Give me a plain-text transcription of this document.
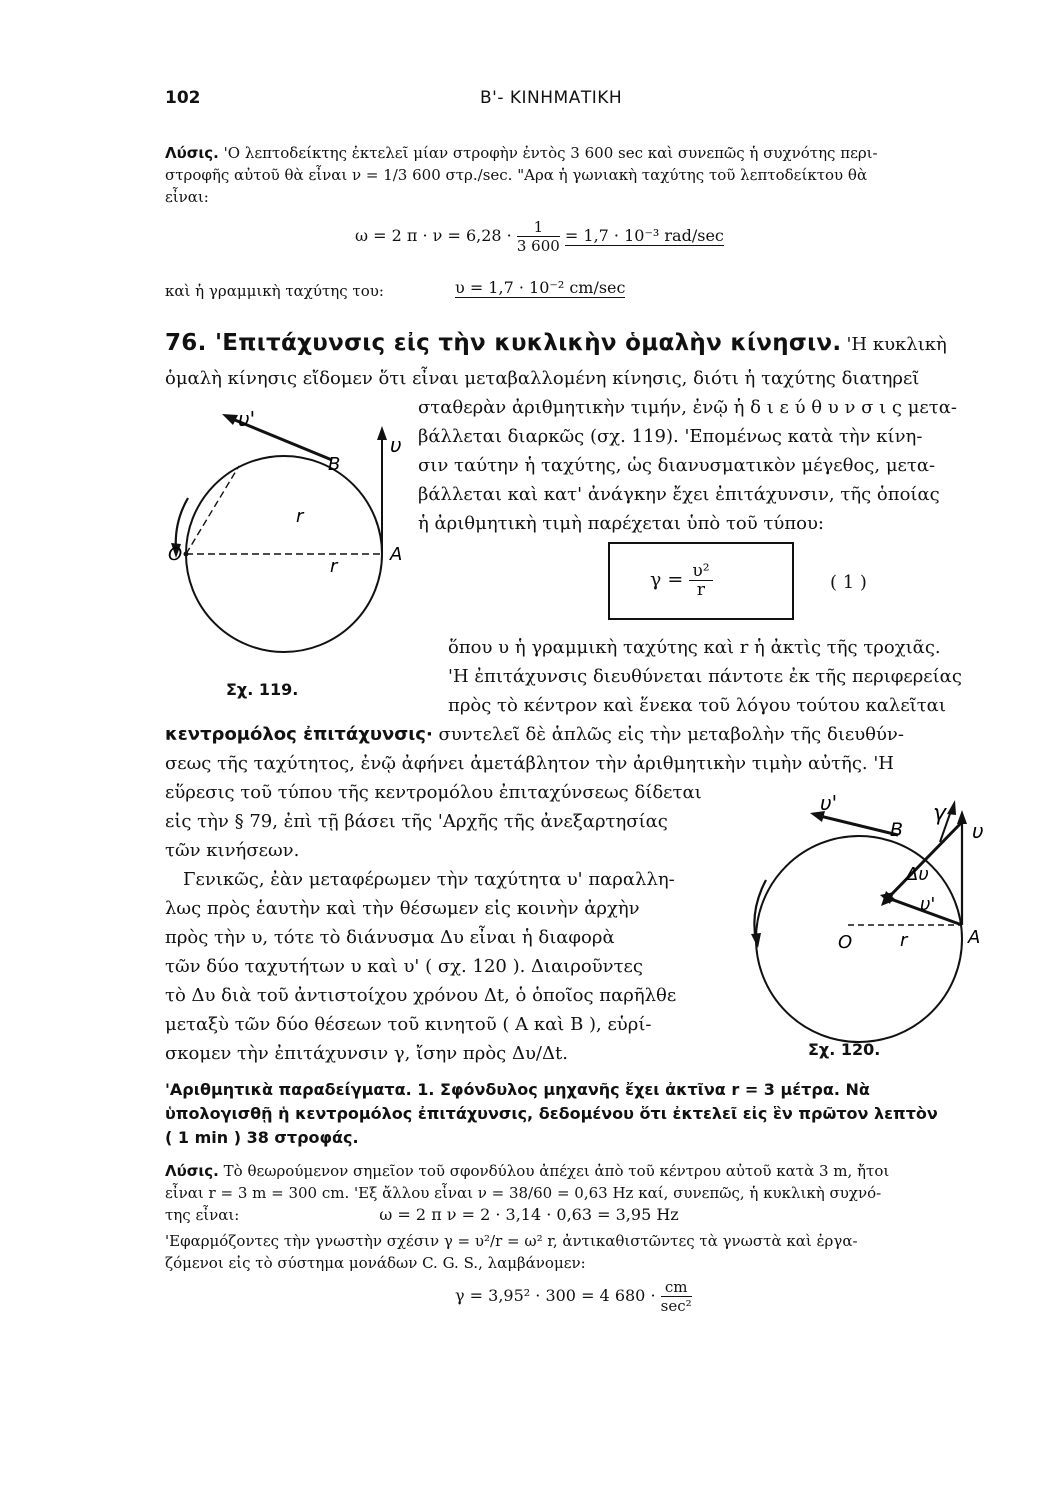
102	Β'- ΚΙΝΗΜΑΤΙΚΗ
Λύσις. 'Ο λεπτοδείκτης ἐκτελεῖ μίαν στροφὴν ἐντὸς 3 600 sec καὶ συνεπῶς ἡ συχνότης περι-
στροφῆς αὐτοῦ θὰ εἶναι ν = 1/3 600 στρ./sec. "Αρα ἡ γωνιακὴ ταχύτης τοῦ λεπτοδείκτου θὰ
εἶναι:
ω = 2 $\pi \cdot \nu = 6,28 \cdot \frac{1}{3 600} = 1,7 \cdot 10^{-3}$ rad/sec
καὶ ἡ γραμμικὴ ταχύτης του:	υ = 1,7 · 10⁻² cm/sec
76. 'Επιτάχυνσις εἰς τὴν κυκλικὴν ὁμαλὴν κίνησιν. 'Η κυκλικὴ
ὁμαλὴ κίνησις εἴδομεν ὅτι εἶναι μεταβαλλομένη κίνησις, διότι ἡ ταχύτης διατηρεῖ
σταθερὰν ἀριθμητικὴν τιμήν, ἐνῷ ἡ δ ι ε ύ θ υ ν σ ι ς μετα-
βάλλεται διαρκῶς (σχ. 119). 'Επομένως κατὰ τὴν κίνη-
σιν ταύτην ἡ ταχύτης, ὡς διανυσματικὸν μέγεθος, μετα-
βάλλεται καὶ κατ' ἀνάγκην ἔχει ἐπιτάχυνσιν, τῆς ὁποίας
ἡ ἀριθμητικὴ τιμὴ παρέχεται ὑπὸ τοῦ τύπου:
υ'
υ
B
A
O
r
r
Σχ. 119.
$\gamma = \frac{\text{υ²}}{r}$	( 1 )
ὅπου υ ἡ γραμμικὴ ταχύτης καὶ r ἡ ἀκτὶς τῆς τροχιᾶς.
'Η ἐπιτάχυνσις διευθύνεται πάντοτε ἐκ τῆς περιφερείας
πρὸς τὸ κέντρον καὶ ἕνεκα τοῦ λόγου τούτου καλεῖται
κεντρομόλος ἐπιτάχυνσις· συντελεῖ δὲ ἁπλῶς εἰς τὴν μεταβολὴν τῆς διευθύν-
σεως τῆς ταχύτητος, ἐνῷ ἀφήνει ἀμετάβλητον τὴν ἀριθμητικὴν τιμὴν αὐτῆς. 'Η
εὕρεσις τοῦ τύπου τῆς κεντρομόλου ἐπιταχύνσεως δίδεται
εἰς τὴν § 79, ἐπὶ τῇ βάσει τῆς 'Αρχῆς τῆς ἀνεξαρτησίας
τῶν κινήσεων.
Γενικῶς, ἐὰν μεταφέρωμεν τὴν ταχύτητα υ' παραλλη-
λως πρὸς ἑαυτὴν καὶ τὴν θέσωμεν εἰς κοινὴν ἀρχὴν
πρὸς τὴν υ, τότε τὸ διάνυσμα Δυ εἶναι ἡ διαφορὰ
τῶν δύο ταχυτήτων υ καὶ υ' ( σχ. 120 ). Διαιροῦντες
τὸ Δυ διὰ τοῦ ἀντιστοίχου χρόνου Δt, ὁ ὁποῖος παρῆλθε
μεταξὺ τῶν δύο θέσεων τοῦ κινητοῦ ( Α καὶ Β ), εὑρί-
σκομεν τὴν ἐπιτάχυνσιν γ, ἴσην πρὸς Δυ/Δt.
υ'	γ
υ
B
Δυ
υ'
O	r	A
Σχ. 120.
'Αριθμητικὰ παραδείγματα. 1. Σφόνδυλος μηχανῆς ἔχει ἀκτῖνα r = 3 μέτρα. Νὰ
ὑπολογισθῇ ἡ κεντρομόλος ἐπιτάχυνσις, δεδομένου ὅτι ἐκτελεῖ εἰς ἓν πρῶτον λεπτὸν
( 1 min ) 38 στροφάς.
Λύσις. Τὸ θεωρούμενον σημεῖον τοῦ σφονδύλου ἀπέχει ἀπὸ τοῦ κέντρου αὐτοῦ κατὰ 3 m, ἤτοι
εἶναι r = 3 m = 300 cm. 'Εξ ἄλλου εἶναι ν = 38/60 = 0,63 Hz καί, συνεπῶς, ἡ κυκλικὴ συχνό-
της εἶναι:	ω = 2 π ν = 2 · 3,14 · 0,63 = 3,95 Hz
'Εφαρμόζοντες τὴν γνωστὴν σχέσιν γ = υ²/r = ω² r, ἀντικαθιστῶντες τὰ γνωστὰ καὶ ἐργα-
ζόμενοι εἰς τὸ σύστημα μονάδων C. G. S., λαμβάνομεν:
γ = 3,95² · 300 = 4 $680 \cdot \frac{cm}{\text{sec²}}$
